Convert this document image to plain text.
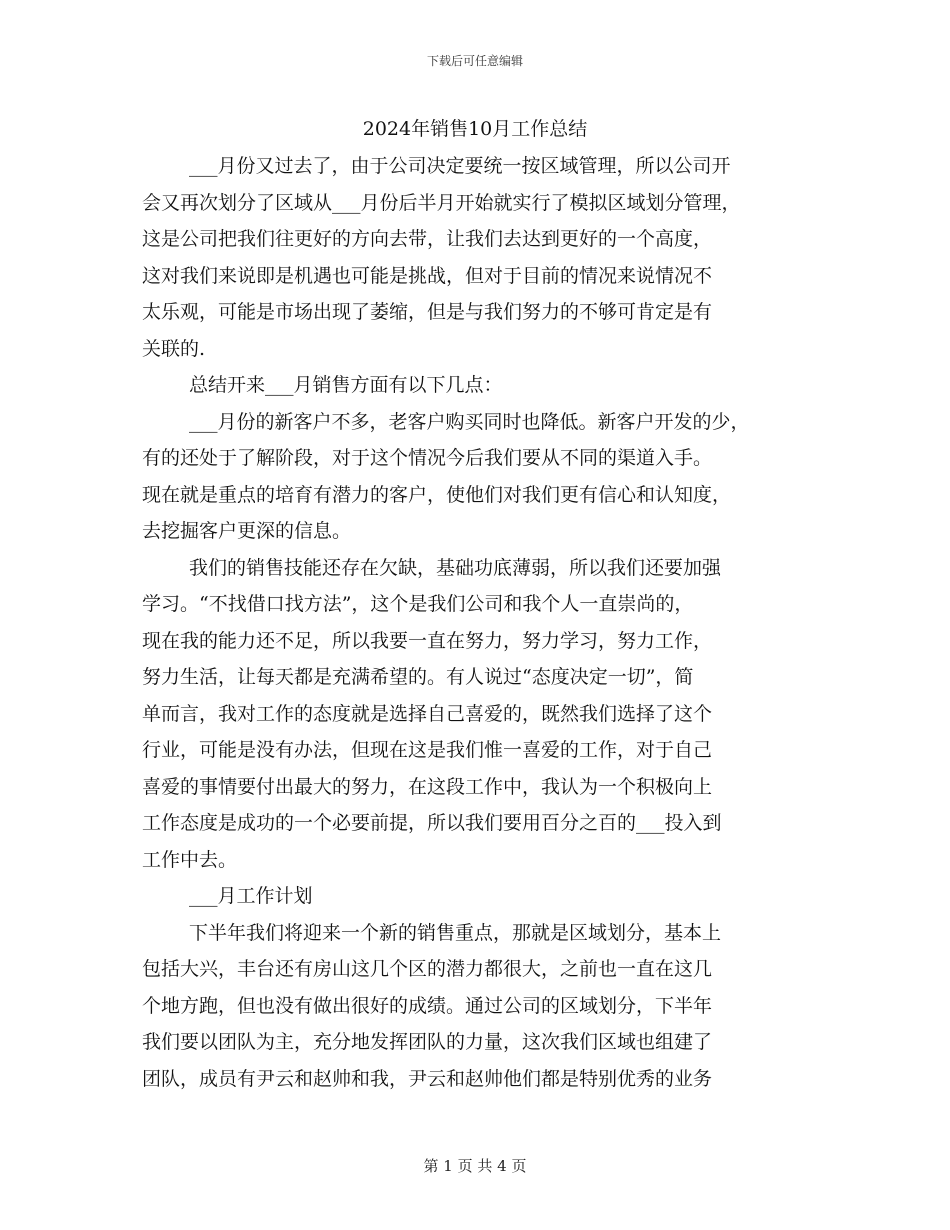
下载后可任意编辑
2024年销售10月工作总结
___月份又过去了，由于公司决定要统一按区域管理，所以公司开
会又再次划分了区域从___月份后半月开始就实行了模拟区域划分管理，
这是公司把我们往更好的方向去带，让我们去达到更好的一个高度，
这对我们来说即是机遇也可能是挑战，但对于目前的情况来说情况不
太乐观，可能是市场出现了萎缩，但是与我们努力的不够可肯定是有
关联的.
总结开来___月销售方面有以下几点：
___月份的新客户不多，老客户购买同时也降低。新客户开发的少，
有的还处于了解阶段，对于这个情况今后我们要从不同的渠道入手。
现在就是重点的培育有潜力的客户，使他们对我们更有信心和认知度，
去挖掘客户更深的信息。
我们的销售技能还存在欠缺，基础功底薄弱，所以我们还要加强
学习。“不找借口找方法”，这个是我们公司和我个人一直崇尚的，
现在我的能力还不足，所以我要一直在努力，努力学习，努力工作，
努力生活，让每天都是充满希望的。有人说过“态度决定一切”，简
单而言，我对工作的态度就是选择自己喜爱的，既然我们选择了这个
行业，可能是没有办法，但现在这是我们惟一喜爱的工作，对于自己
喜爱的事情要付出最大的努力，在这段工作中，我认为一个积极向上
工作态度是成功的一个必要前提，所以我们要用百分之百的___投入到
工作中去。
___月工作计划
下半年我们将迎来一个新的销售重点，那就是区域划分，基本上
包括大兴，丰台还有房山这几个区的潜力都很大，之前也一直在这几
个地方跑，但也没有做出很好的成绩。通过公司的区域划分，下半年
我们要以团队为主，充分地发挥团队的力量，这次我们区域也组建了
团队，成员有尹云和赵帅和我，尹云和赵帅他们都是特别优秀的业务
第 1 页 共 4 页
